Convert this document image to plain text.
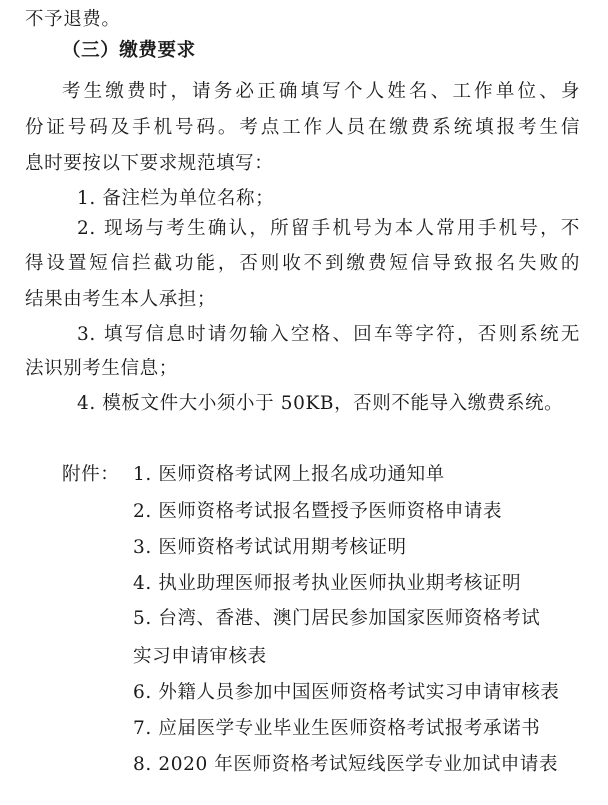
不予退费。
（三）缴费要求
考生缴费时，请务必正确填写个人姓名、工作单位、身
份证号码及手机号码。考点工作人员在缴费系统填报考生信
息时要按以下要求规范填写：
1. 备注栏为单位名称；
2. 现场与考生确认，所留手机号为本人常用手机号，不
得设置短信拦截功能，否则收不到缴费短信导致报名失败的
结果由考生本人承担；
3. 填写信息时请勿输入空格、回车等字符，否则系统无
法识别考生信息；
4. 模板文件大小须小于 50KB，否则不能导入缴费系统。
附件： 1. 医师资格考试网上报名成功通知单
2. 医师资格考试报名暨授予医师资格申请表
3. 医师资格考试试用期考核证明
4. 执业助理医师报考执业医师执业期考核证明
5. 台湾、香港、澳门居民参加国家医师资格考试
实习申请审核表
6. 外籍人员参加中国医师资格考试实习申请审核表
7. 应届医学专业毕业生医师资格考试报考承诺书
8. 2020 年医师资格考试短线医学专业加试申请表
